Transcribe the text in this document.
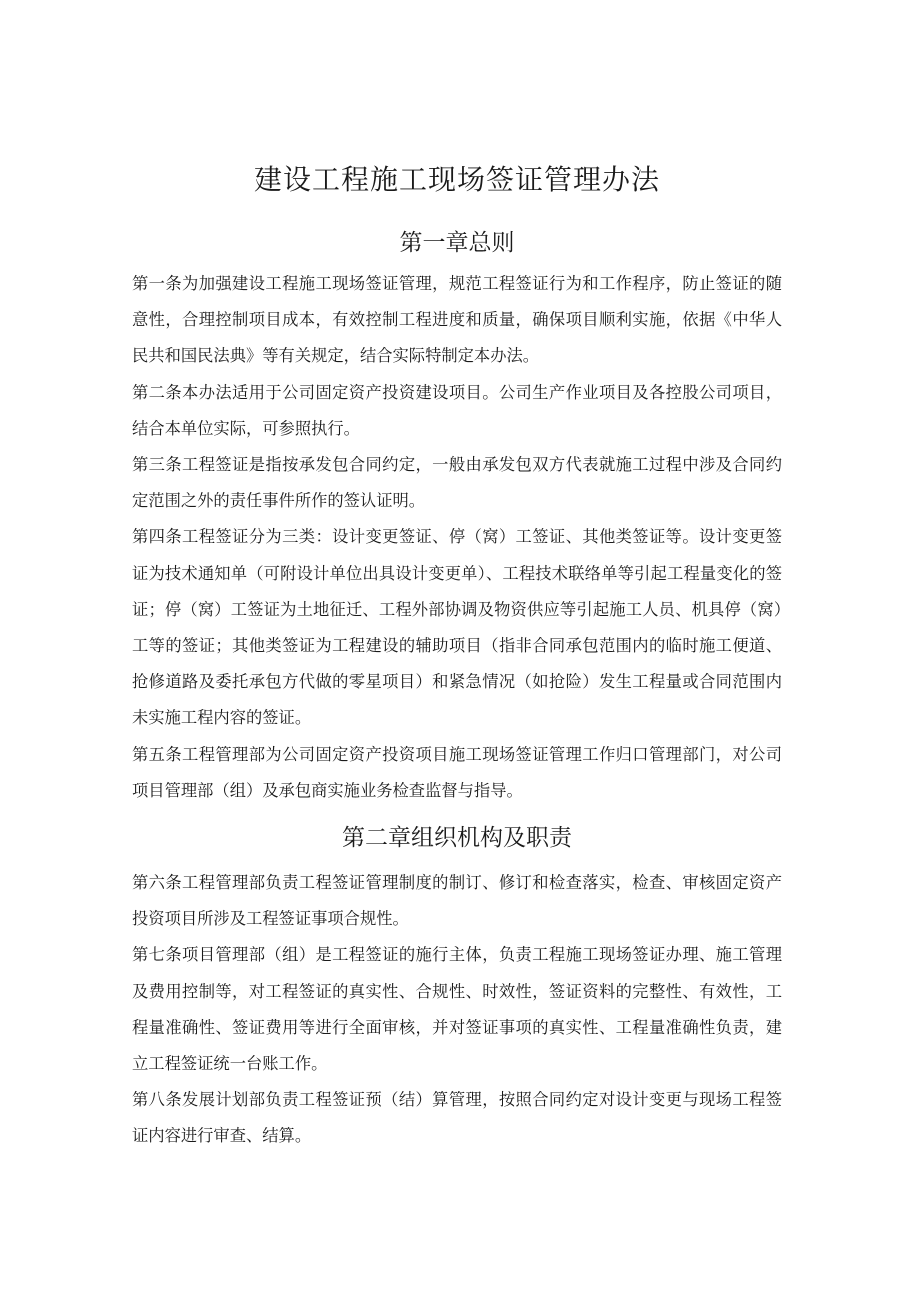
建设工程施工现场签证管理办法
第一章总则

第一条为加强建设工程施工现场签证管理，规范工程签证行为和工作程序，防止签证的随意性，合理控制项目成本，有效控制工程进度和质量，确保项目顺利实施，依据《中华人民共和国民法典》等有关规定，结合实际特制定本办法。

第二条本办法适用于公司固定资产投资建设项目。公司生产作业项目及各控股公司项目，结合本单位实际，可参照执行。

第三条工程签证是指按承发包合同约定，一般由承发包双方代表就施工过程中涉及合同约定范围之外的责任事件所作的签认证明。

第四条工程签证分为三类：设计变更签证、停（窝）工签证、其他类签证等。设计变更签证为技术通知单（可附设计单位出具设计变更单）、工程技术联络单等引起工程量变化的签证；停（窝）工签证为土地征迁、工程外部协调及物资供应等引起施工人员、机具停（窝）工等的签证；其他类签证为工程建设的辅助项目（指非合同承包范围内的临时施工便道、抢修道路及委托承包方代做的零星项目）和紧急情况（如抢险）发生工程量或合同范围内未实施工程内容的签证。

第五条工程管理部为公司固定资产投资项目施工现场签证管理工作归口管理部门，对公司项目管理部（组）及承包商实施业务检查监督与指导。

第二章组织机构及职责

第六条工程管理部负责工程签证管理制度的制订、修订和检查落实，检查、审核固定资产投资项目所涉及工程签证事项合规性。

第七条项目管理部（组）是工程签证的施行主体，负责工程施工现场签证办理、施工管理及费用控制等，对工程签证的真实性、合规性、时效性，签证资料的完整性、有效性，工程量准确性、签证费用等进行全面审核，并对签证事项的真实性、工程量准确性负责，建立工程签证统一台账工作。

第八条发展计划部负责工程签证预（结）算管理，按照合同约定对设计变更与现场工程签证内容进行审查、结算。
